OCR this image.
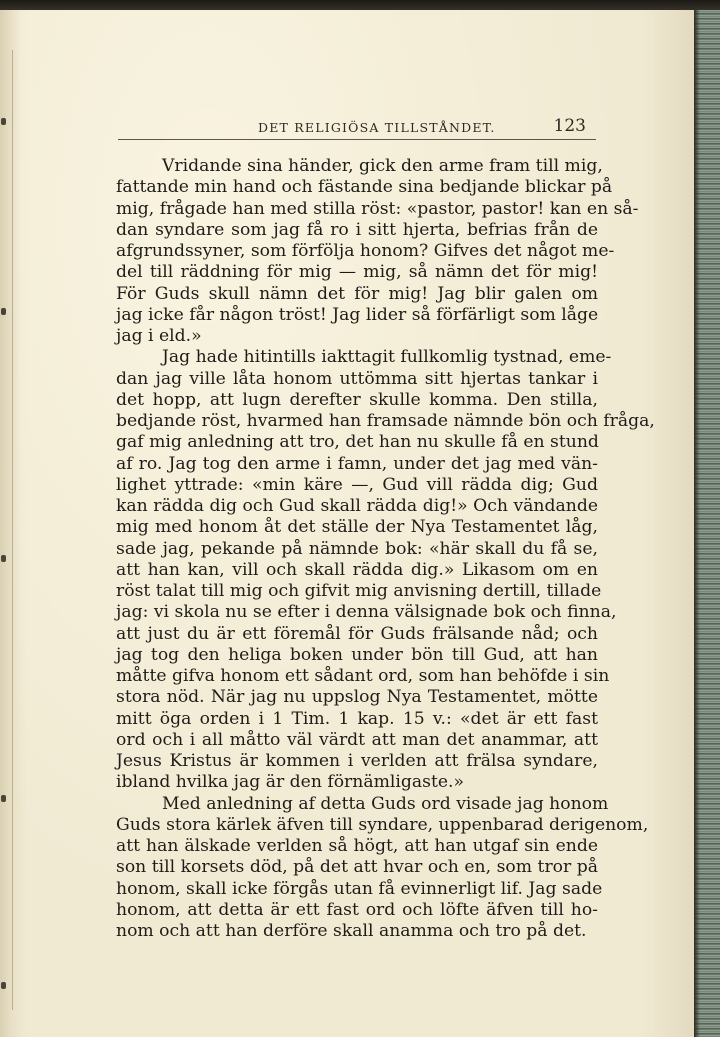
DET RELIGIÖSA TILLSTÅNDET.	123
Vridande sina händer, gick den arme fram till mig,
fattande min hand och fästande sina bedjande blickar på
mig, frågade han med stilla röst: «pastor, pastor! kan en så-
dan syndare som jag få ro i sitt hjerta, befrias från de
afgrundssyner, som förfölja honom? Gifves det något me-
del till räddning för mig — mig, så nämn det för mig!
För Guds skull nämn det för mig! Jag blir galen om
jag icke får någon tröst! Jag lider så förfärligt som låge
jag i eld.»
Jag hade hitintills iakttagit fullkomlig tystnad, eme-
dan jag ville låta honom uttömma sitt hjertas tankar i
det hopp, att lugn derefter skulle komma. Den stilla,
bedjande röst, hvarmed han framsade nämnde bön och fråga,
gaf mig anledning att tro, det han nu skulle få en stund
af ro. Jag tog den arme i famn, under det jag med vän-
lighet yttrade: «min käre —, Gud vill rädda dig; Gud
kan rädda dig och Gud skall rädda dig!» Och vändande
mig med honom åt det ställe der Nya Testamentet låg,
sade jag, pekande på nämnde bok: «här skall du få se,
att han kan, vill och skall rädda dig.» Likasom om en
röst talat till mig och gifvit mig anvisning dertill, tillade
jag: vi skola nu se efter i denna välsignade bok och finna,
att just du är ett föremål för Guds frälsande nåd; och
jag tog den heliga boken under bön till Gud, att han
måtte gifva honom ett sådant ord, som han behöfde i sin
stora nöd. När jag nu uppslog Nya Testamentet, mötte
mitt öga orden i 1 Tim. 1 kap. 15 v.: «det är ett fast
ord och i all måtto väl värdt att man det anammar, att
Jesus Kristus är kommen i verlden att frälsa syndare,
ibland hvilka jag är den förnämligaste.»
Med anledning af detta Guds ord visade jag honom
Guds stora kärlek äfven till syndare, uppenbarad derigenom,
att han älskade verlden så högt, att han utgaf sin ende
son till korsets död, på det att hvar och en, som tror på
honom, skall icke förgås utan få evinnerligt lif. Jag sade
honom, att detta är ett fast ord och löfte äfven till ho-
nom och att han derföre skall anamma och tro på det.
